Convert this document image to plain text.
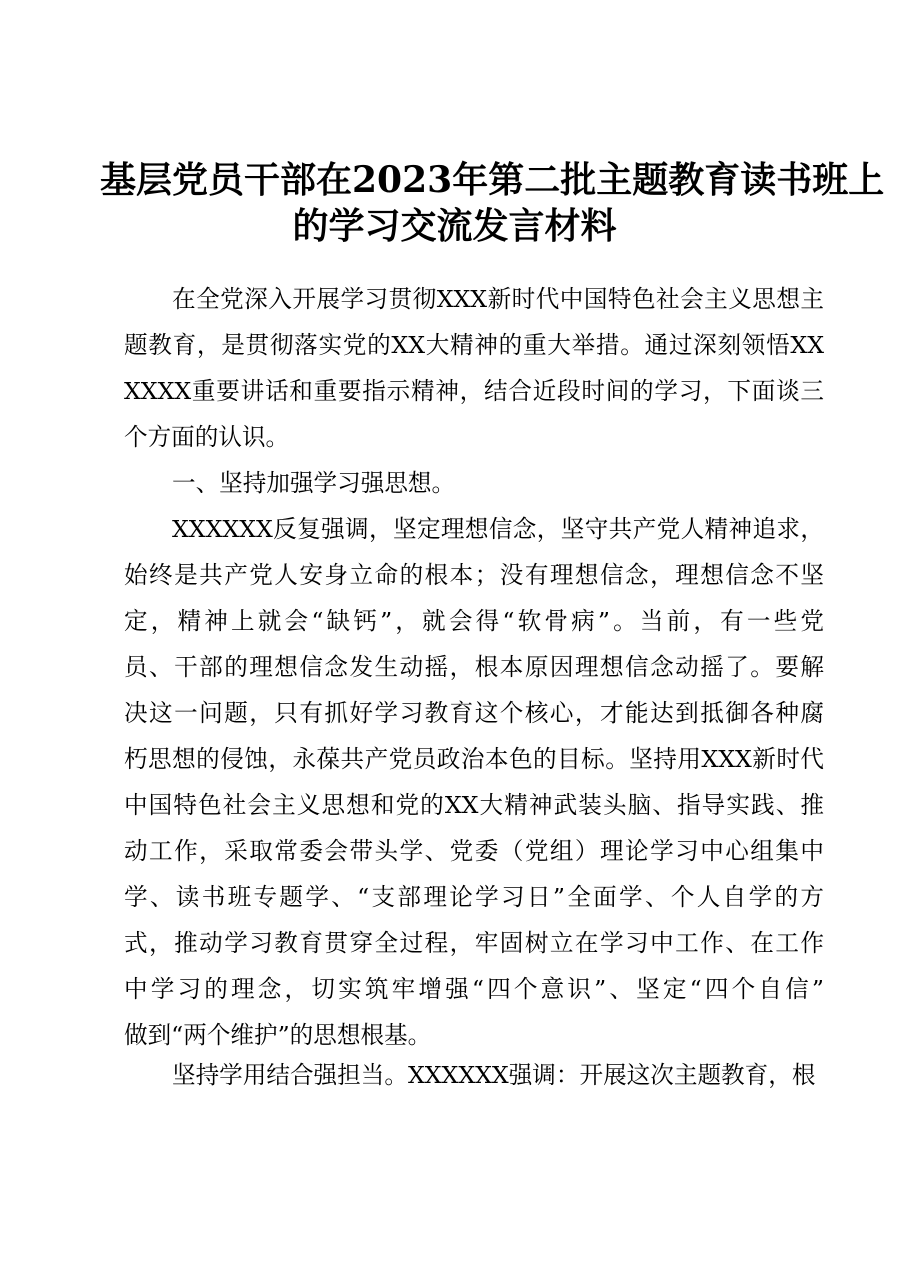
基层党员干部在2023年第二批主题教育读书班上
的学习交流发言材料
在全党深入开展学习贯彻XXX新时代中国特色社会主义思想主
题教育，是贯彻落实党的XX大精神的重大举措。通过深刻领悟XX
XXXX重要讲话和重要指示精神，结合近段时间的学习，下面谈三
个方面的认识。
一、坚持加强学习强思想。
XXXXXX反复强调，坚定理想信念，坚守共产党人精神追求，
始终是共产党人安身立命的根本；没有理想信念，理想信念不坚
定，精神上就会“缺钙”，就会得“软骨病”。当前，有一些党
员、干部的理想信念发生动摇，根本原因理想信念动摇了。要解
决这一问题，只有抓好学习教育这个核心，才能达到抵御各种腐
朽思想的侵蚀，永葆共产党员政治本色的目标。坚持用XXX新时代
中国特色社会主义思想和党的XX大精神武装头脑、指导实践、推
动工作，采取常委会带头学、党委（党组）理论学习中心组集中
学、读书班专题学、“支部理论学习日”全面学、个人自学的方
式，推动学习教育贯穿全过程，牢固树立在学习中工作、在工作
中学习的理念，切实筑牢增强“四个意识”、坚定“四个自信”
做到“两个维护”的思想根基。
坚持学用结合强担当。XXXXXX强调：开展这次主题教育，根
